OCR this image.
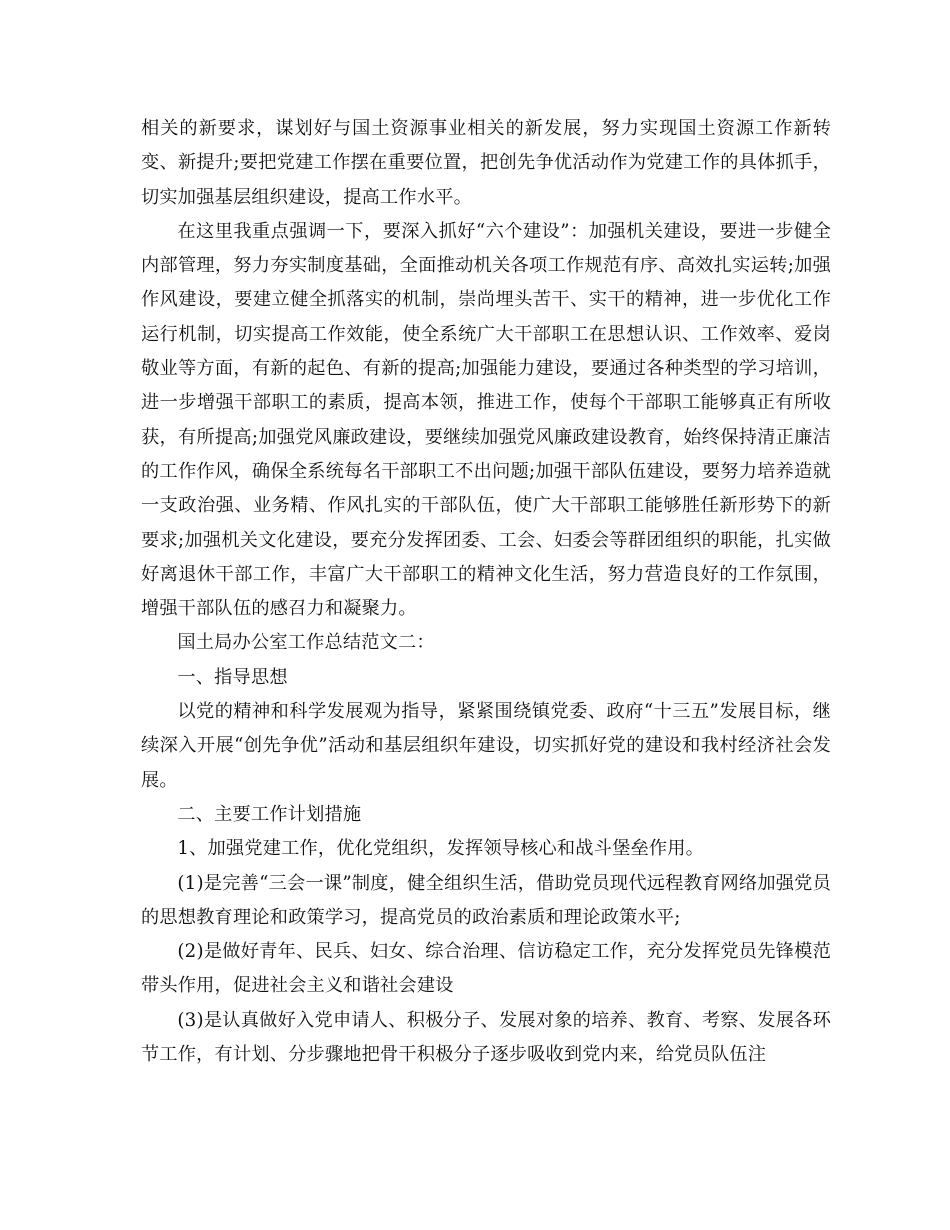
相关的新要求，谋划好与国土资源事业相关的新发展，努力实现国土资源工作新转变、新提升;要把党建工作摆在重要位置，把创先争优活动作为党建工作的具体抓手，切实加强基层组织建设，提高工作水平。

在这里我重点强调一下，要深入抓好“六个建设”：加强机关建设，要进一步健全内部管理，努力夯实制度基础，全面推动机关各项工作规范有序、高效扎实运转;加强作风建设，要建立健全抓落实的机制，崇尚埋头苦干、实干的精神，进一步优化工作运行机制，切实提高工作效能，使全系统广大干部职工在思想认识、工作效率、爱岗敬业等方面，有新的起色、有新的提高;加强能力建设，要通过各种类型的学习培训，进一步增强干部职工的素质，提高本领，推进工作，使每个干部职工能够真正有所收获，有所提高;加强党风廉政建设，要继续加强党风廉政建设教育，始终保持清正廉洁的工作作风，确保全系统每名干部职工不出问题;加强干部队伍建设，要努力培养造就一支政治强、业务精、作风扎实的干部队伍，使广大干部职工能够胜任新形势下的新要求;加强机关文化建设，要充分发挥团委、工会、妇委会等群团组织的职能，扎实做好离退休干部工作，丰富广大干部职工的精神文化生活，努力营造良好的工作氛围，增强干部队伍的感召力和凝聚力。

国土局办公室工作总结范文二：

一、指导思想

以党的精神和科学发展观为指导，紧紧围绕镇党委、政府“十三五”发展目标，继续深入开展“创先争优”活动和基层组织年建设，切实抓好党的建设和我村经济社会发展。

二、主要工作计划措施

1、加强党建工作，优化党组织，发挥领导核心和战斗堡垒作用。

(1)是完善“三会一课”制度，健全组织生活，借助党员现代远程教育网络加强党员的思想教育理论和政策学习，提高党员的政治素质和理论政策水平;

(2)是做好青年、民兵、妇女、综合治理、信访稳定工作，充分发挥党员先锋模范带头作用，促进社会主义和谐社会建设

(3)是认真做好入党申请人、积极分子、发展对象的培养、教育、考察、发展各环节工作，有计划、分步骤地把骨干积极分子逐步吸收到党内来，给党员队伍注
